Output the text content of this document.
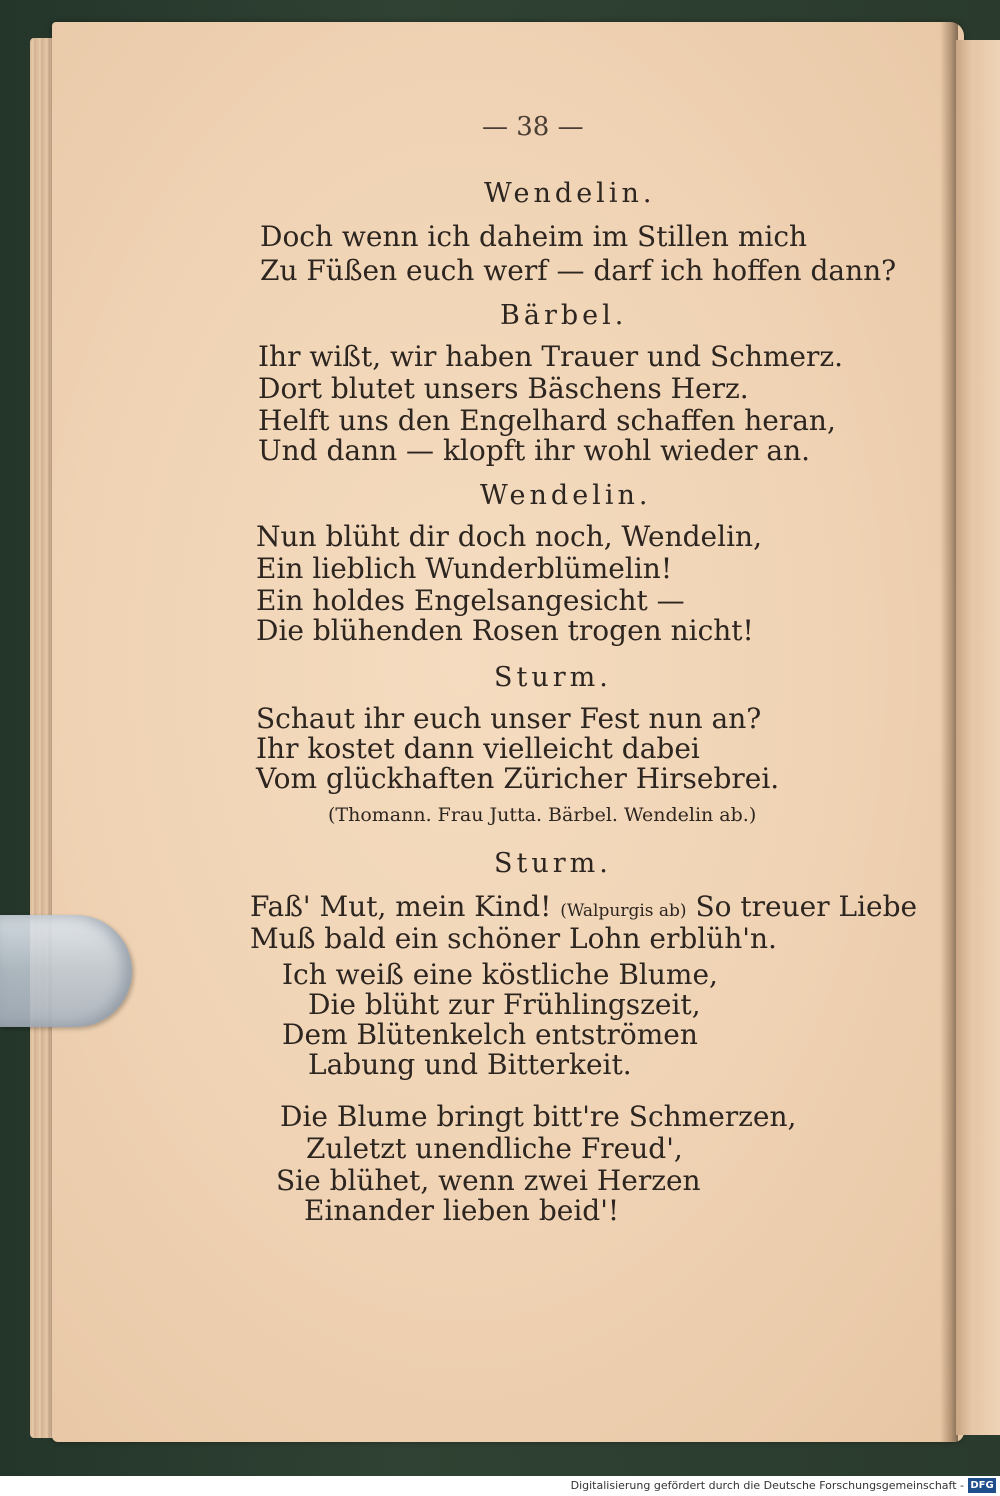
— 38 —
Wendelin.
Doch wenn ich daheim im Stillen mich
Zu Füßen euch werf — darf ich hoffen dann?
Bärbel.
Ihr wißt, wir haben Trauer und Schmerz.
Dort blutet unsers Bäschens Herz.
Helft uns den Engelhard schaffen heran,
Und dann — klopft ihr wohl wieder an.
Wendelin.
Nun blüht dir doch noch, Wendelin,
Ein lieblich Wunderblümelin!
Ein holdes Engelsangesicht —
Die blühenden Rosen trogen nicht!
Sturm.
Schaut ihr euch unser Fest nun an?
Ihr kostet dann vielleicht dabei
Vom glückhaften Züricher Hirsebrei.
(Thomann. Frau Jutta. Bärbel. Wendelin ab.)
Sturm.
Faß' Mut, mein Kind! (Walpurgis ab) So treuer Liebe
Muß bald ein schöner Lohn erblüh'n.
Ich weiß eine köstliche Blume,
Die blüht zur Frühlingszeit,
Dem Blütenkelch entströmen
Labung und Bitterkeit.
Die Blume bringt bitt're Schmerzen,
Zuletzt unendliche Freud',
Sie blühet, wenn zwei Herzen
Einander lieben beid'!
Digitalisierung gefördert durch die Deutsche Forschungsgemeinschaft - DFG
